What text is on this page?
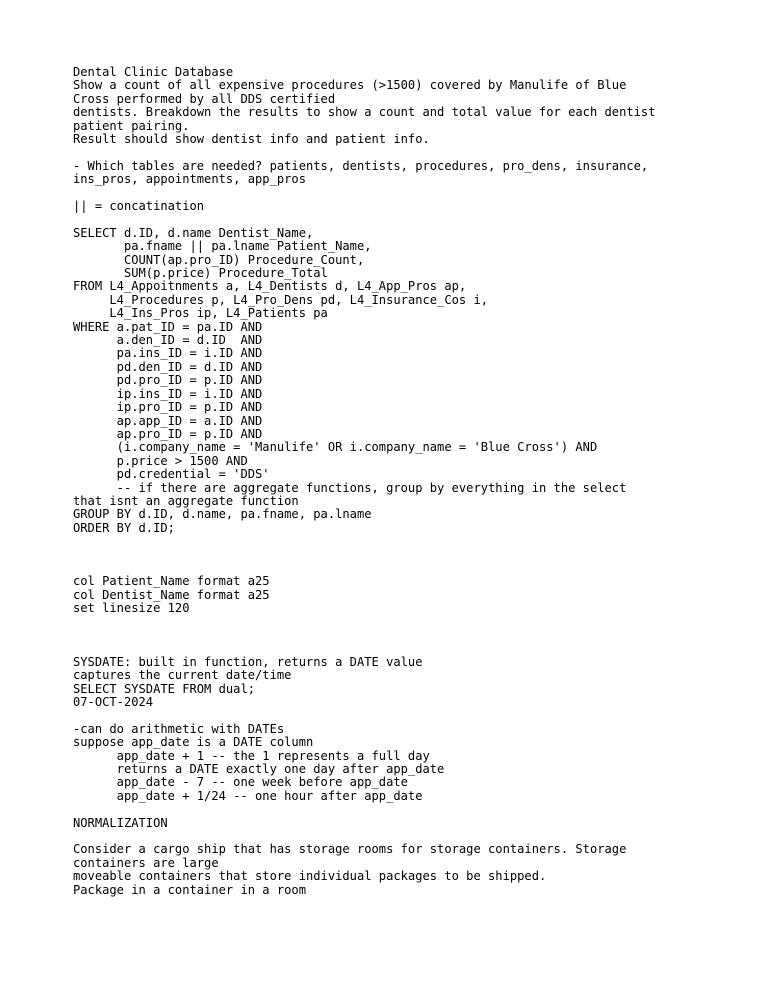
Dental Clinic Database
Show a count of all expensive procedures (>1500) covered by Manulife of Blue
Cross performed by all DDS certified
dentists. Breakdown the results to show a count and total value for each dentist
patient pairing.
Result should show dentist info and patient info.
- Which tables are needed? patients, dentists, procedures, pro_dens, insurance,
ins_pros, appointments, app_pros
|| = concatination
SELECT d.ID, d.name Dentist_Name,
pa.fname || pa.lname Patient_Name,
COUNT(ap.pro_ID) Procedure_Count,
SUM(p.price) Procedure_Total
FROM L4_Appoitnments a, L4_Dentists d, L4_App_Pros ap,
L4_Procedures p, L4_Pro_Dens pd, L4_Insurance_Cos i,
L4_Ins_Pros ip, L4_Patients pa
WHERE a.pat_ID = pa.ID AND
a.den_ID = d.ID  AND
pa.ins_ID = i.ID AND
pd.den_ID = d.ID AND
pd.pro_ID = p.ID AND
ip.ins_ID = i.ID AND
ip.pro_ID = p.ID AND
ap.app_ID = a.ID AND
ap.pro_ID = p.ID AND
(i.company_name = 'Manulife' OR i.company_name = 'Blue Cross') AND
p.price > 1500 AND
pd.credential = 'DDS'
-- if there are aggregate functions, group by everything in the select
that isnt an aggregate function
GROUP BY d.ID, d.name, pa.fname, pa.lname
ORDER BY d.ID;
col Patient_Name format a25
col Dentist_Name format a25
set linesize 120
SYSDATE: built in function, returns a DATE value
captures the current date/time
SELECT SYSDATE FROM dual;
07-OCT-2024
-can do arithmetic with DATEs
suppose app_date is a DATE column
app_date + 1 -- the 1 represents a full day
returns a DATE exactly one day after app_date
app_date - 7 -- one week before app_date
app_date + 1/24 -- one hour after app_date
NORMALIZATION
Consider a cargo ship that has storage rooms for storage containers. Storage
containers are large
moveable containers that store individual packages to be shipped.
Package in a container in a room
